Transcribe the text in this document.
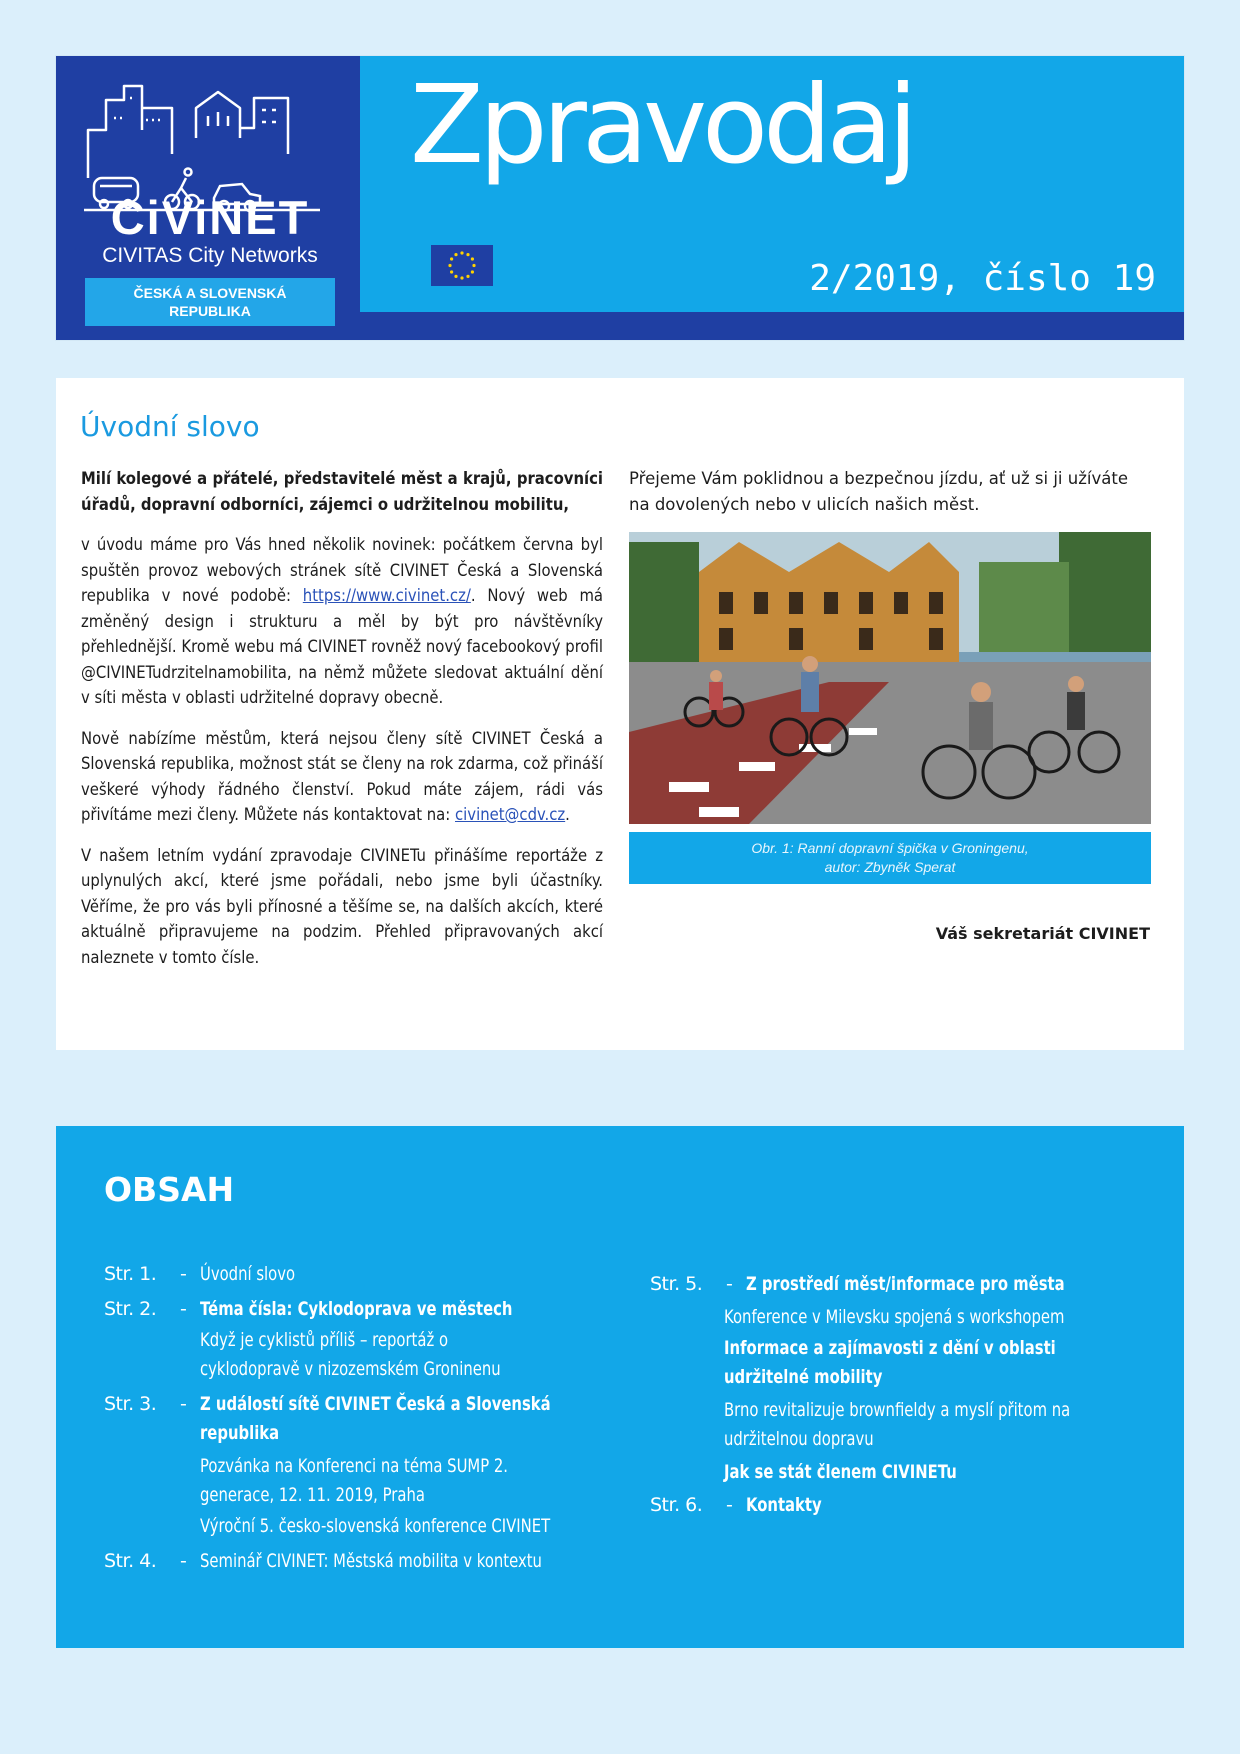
CiViNET
CIVITAS City Networks
ČESKÁ A SLOVENSKÁ
REPUBLIKA
Zpravodaj
2/2019, číslo 19
Úvodní slovo

Milí kolegové a přátelé, představitelé měst a krajů, pracovníci úřadů, dopravní odborníci, zájemci o udržitelnou mobilitu,

v úvodu máme pro Vás hned několik novinek: počátkem června byl spuštěn provoz webových stránek sítě CIVINET Česká a Slovenská republika v nové podobě: https://www.civinet.cz/. Nový web má změněný design i strukturu a měl by být pro návštěvníky přehlednější. Kromě webu má CIVINET rovněž nový facebookový profil @CIVINETudrzitelnamobilita, na němž můžete sledovat aktuální dění v síti města v oblasti udržitelné dopravy obecně.

Nově nabízíme městům, která nejsou členy sítě CIVINET Česká a Slovenská republika, možnost stát se členy na rok zdarma, což přináší veškeré výhody řádného členství. Pokud máte zájem, rádi vás přivítáme mezi členy. Můžete nás kontaktovat na: civinet@cdv.cz.

V našem letním vydání zpravodaje CIVINETu přinášíme reportáže z uplynulých akcí, které jsme pořádali, nebo jsme byli účastníky. Věříme, že pro vás byli přínosné a těšíme se, na dalších akcích, které aktuálně připravujeme na podzim. Přehled připravovaných akcí naleznete v tomto čísle.

Přejeme Vám poklidnou a bezpečnou jízdu, ať už si ji užíváte na dovolených nebo v ulicích našich měst.
Obr. 1: Ranní dopravní špička v Groningenu,
autor: Zbyněk Sperat
Váš sekretariát CIVINET
OBSAH
Str. 1.	- Úvodní slovo
Str. 2.	- Téma čísla: Cyklodoprava ve městech
Když je cyklistů příliš – reportáž o cyklodopravě v nizozemském Groninenu
Str. 3.	- Z událostí sítě CIVINET Česká a Slovenská republika
Pozvánka na Konferenci na téma SUMP 2. generace, 12. 11. 2019, Praha
Výroční 5. česko-slovenská konference CIVINET
Str. 4.	- Seminář CIVINET: Městská mobilita v kontextu
Str. 5.	- Z prostředí měst/informace pro města
Konference v Milevsku spojená s workshopem
Informace a zajímavosti z dění v oblasti udržitelné mobility
Brno revitalizuje brownfieldy a myslí přitom na udržitelnou dopravu
Jak se stát členem CIVINETu
Str. 6.	- Kontakty
